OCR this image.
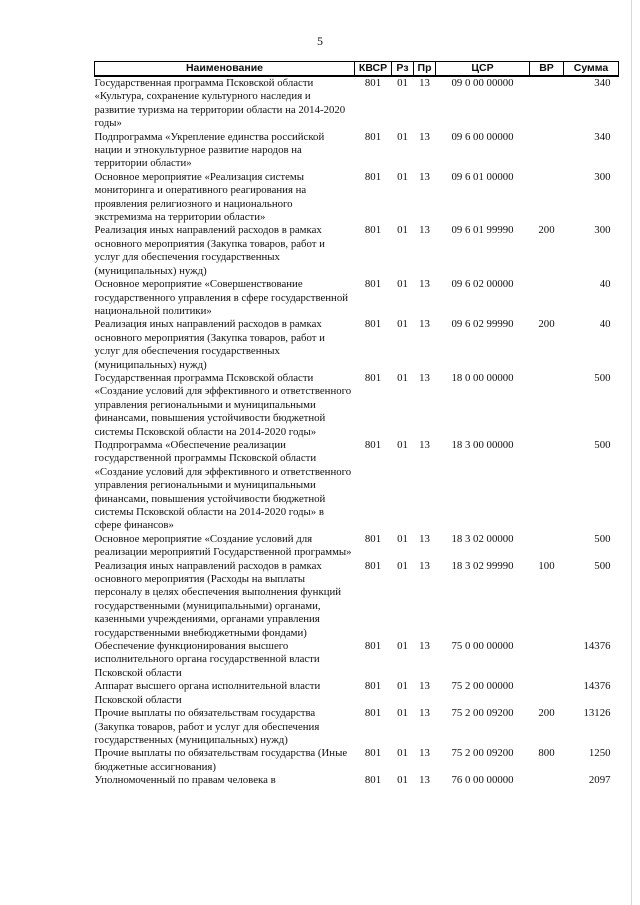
5
Наименование	КВСР	Рз	Пр	ЦСР	ВР	Сумма
Государственная программа Псковской области «Культура, сохранение культурного наследия и развитие туризма на территории области на 2014-2020 годы»	801	01	13	09 0 00 00000		340
Подпрограмма «Укрепление единства российской нации и этнокультурное развитие народов на территории области»	801	01	13	09 6 00 00000		340
Основное мероприятие «Реализация системы мониторинга и оперативного реагирования на проявления религиозного и национального экстремизма на территории области»	801	01	13	09 6 01 00000		300
Реализация иных направлений расходов в рамках основного мероприятия (Закупка товаров, работ и услуг для обеспечения государственных (муниципальных) нужд)	801	01	13	09 6 01 99990	200	300
Основное мероприятие «Совершенствование государственного управления в сфере государственной национальной политики»	801	01	13	09 6 02 00000		40
Реализация иных направлений расходов в рамках основного мероприятия (Закупка товаров, работ и услуг для обеспечения государственных (муниципальных) нужд)	801	01	13	09 6 02 99990	200	40
Государственная программа Псковской области «Создание условий для эффективного и ответственного управления региональными и муниципальными финансами, повышения устойчивости бюджетной системы Псковской области на 2014-2020 годы»	801	01	13	18 0 00 00000		500
Подпрограмма «Обеспечение реализации государственной программы Псковской области «Создание условий для эффективного и ответственного управления региональными и муниципальными финансами, повышения устойчивости бюджетной системы Псковской области на 2014-2020 годы» в сфере финансов»	801	01	13	18 3 00 00000		500
Основное мероприятие «Создание условий для реализации мероприятий Государственной программы»	801	01	13	18 3 02 00000		500
Реализация иных направлений расходов в рамках основного мероприятия (Расходы на выплаты персоналу в целях обеспечения выполнения функций государственными (муниципальными) органами, казенными учреждениями, органами управления государственными внебюджетными фондами)	801	01	13	18 3 02 99990	100	500
Обеспечение функционирования высшего исполнительного органа государственной власти Псковской области	801	01	13	75 0 00 00000		14376
Аппарат высшего органа исполнительной власти Псковской области	801	01	13	75 2 00 00000		14376
Прочие выплаты по обязательствам государства (Закупка товаров, работ и услуг для обеспечения государственных (муниципальных) нужд)	801	01	13	75 2 00 09200	200	13126
Прочие выплаты по обязательствам государства (Иные бюджетные ассигнования)	801	01	13	75 2 00 09200	800	1250
Уполномоченный по правам человека в	801	01	13	76 0 00 00000		2097
